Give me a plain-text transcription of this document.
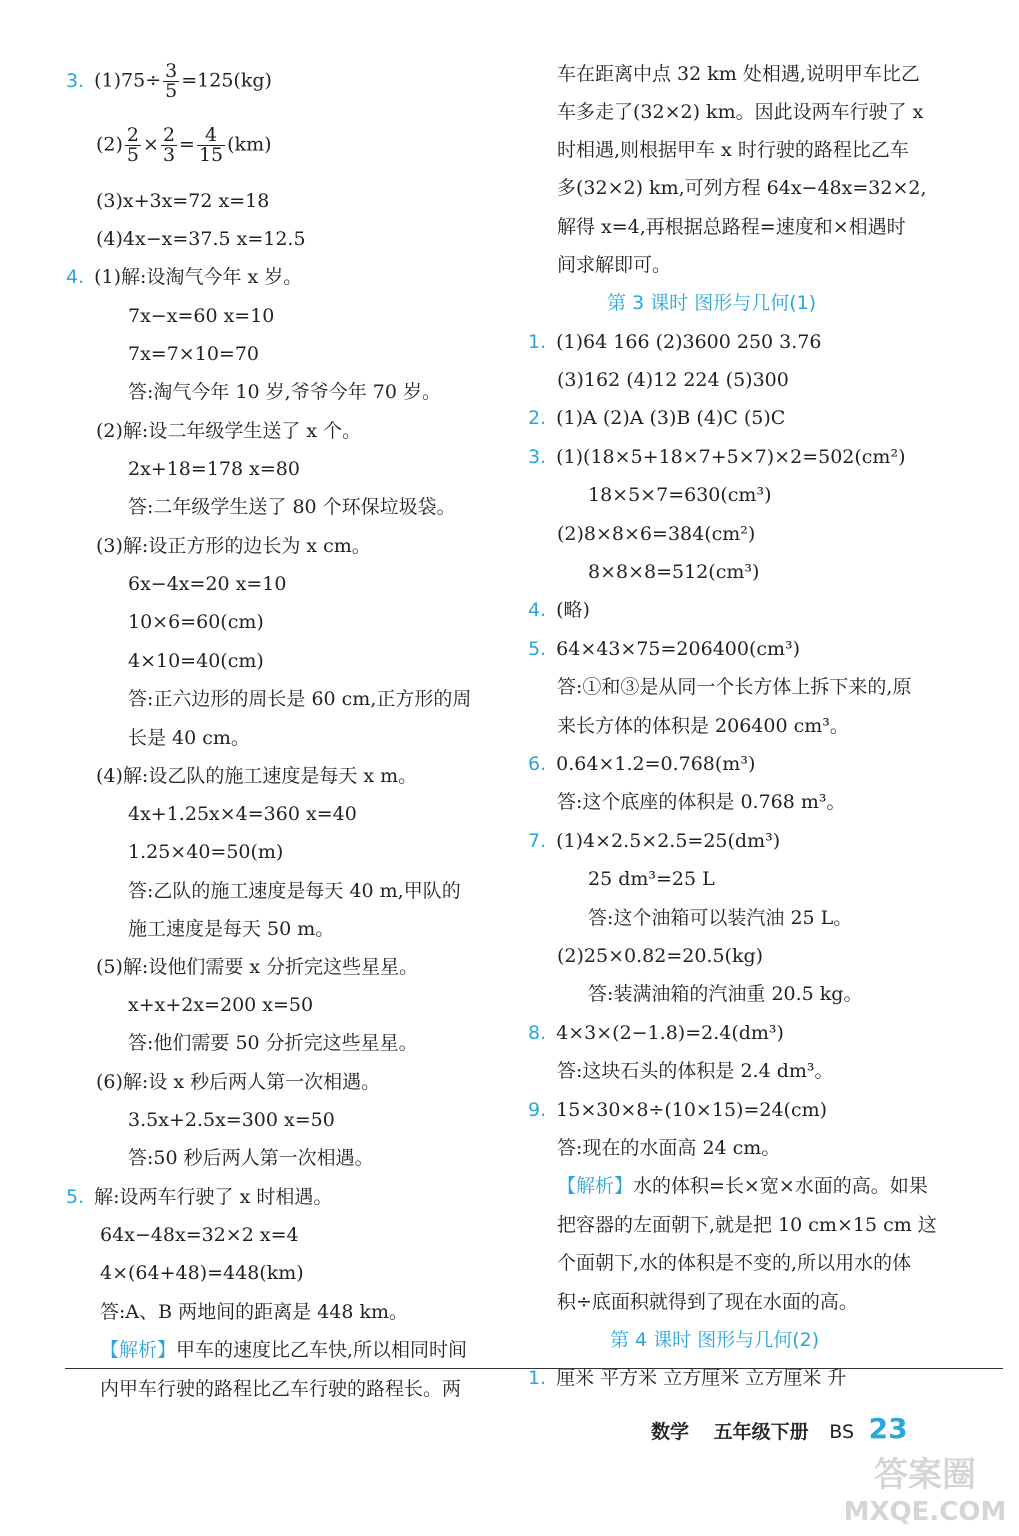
3. $(1)75\div \frac{3}{5} =125(kg)$
$(2) \frac{2}{5} \times \frac{2}{3} = \frac{4}{15} (km)$
(3)x+3x=72 x=18
(4)4x−x=37.5 x=12.5
4. (1)解:设淘气今年 x 岁。
7x−x=60 x=10
7x=7×10=70
答:淘气今年 10 岁,爷爷今年 70 岁。
(2)解:设二年级学生送了 x 个。
2x+18=178 x=80
答:二年级学生送了 80 个环保垃圾袋。
(3)解:设正方形的边长为 x cm。
6x−4x=20 x=10
10×6=60(cm)
4×10=40(cm)
答:正六边形的周长是 60 cm,正方形的周
长是 40 cm。
(4)解:设乙队的施工速度是每天 x m。
4x+1.25x×4=360 x=40
1.25×40=50(m)
答:乙队的施工速度是每天 40 m,甲队的
施工速度是每天 50 m。
(5)解:设他们需要 x 分折完这些星星。
x+x+2x=200 x=50
答:他们需要 50 分折完这些星星。
(6)解:设 x 秒后两人第一次相遇。
3.5x+2.5x=300 x=50
答:50 秒后两人第一次相遇。
5. 解:设两车行驶了 x 时相遇。
64x−48x=32×2 x=4
4×(64+48)=448(km)
答:A、B 两地间的距离是 448 km。
【解析】甲车的速度比乙车快,所以相同时间
内甲车行驶的路程比乙车行驶的路程长。两
车在距离中点 32 km 处相遇,说明甲车比乙
车多走了(32×2) km。因此设两车行驶了 x
时相遇,则根据甲车 x 时行驶的路程比乙车
多(32×2) km,可列方程 64x−48x=32×2,
解得 x=4,再根据总路程=速度和×相遇时
间求解即可。
第 3 课时 图形与几何(1)
1. (1)64 166 (2)3600 250 3.76
(3)162 (4)12 224 (5)300
2. (1)A (2)A (3)B (4)C (5)C
3. (1)(18×5+18×7+5×7)×2=502(cm²)
18×5×7=630(cm³)
(2)8×8×6=384(cm²)
8×8×8=512(cm³)
4. (略)
5. 64×43×75=206400(cm³)
答:①和③是从同一个长方体上拆下来的,原
来长方体的体积是 206400 cm³。
6. 0.64×1.2=0.768(m³)
答:这个底座的体积是 0.768 m³。
7. (1)4×2.5×2.5=25(dm³)
25 dm³=25 L
答:这个油箱可以装汽油 25 L。
(2)25×0.82=20.5(kg)
答:装满油箱的汽油重 20.5 kg。
8. 4×3×(2−1.8)=2.4(dm³)
答:这块石头的体积是 2.4 dm³。
9. 15×30×8÷(10×15)=24(cm)
答:现在的水面高 24 cm。
【解析】水的体积=长×宽×水面的高。如果
把容器的左面朝下,就是把 10 cm×15 cm 这
个面朝下,水的体积是不变的,所以用水的体
积÷底面积就得到了现在水面的高。
第 4 课时 图形与几何(2)
1. 厘米 平方米 立方厘米 立方厘米 升
数学 五年级下册 BS 23
答案圈
MXQE.COM
